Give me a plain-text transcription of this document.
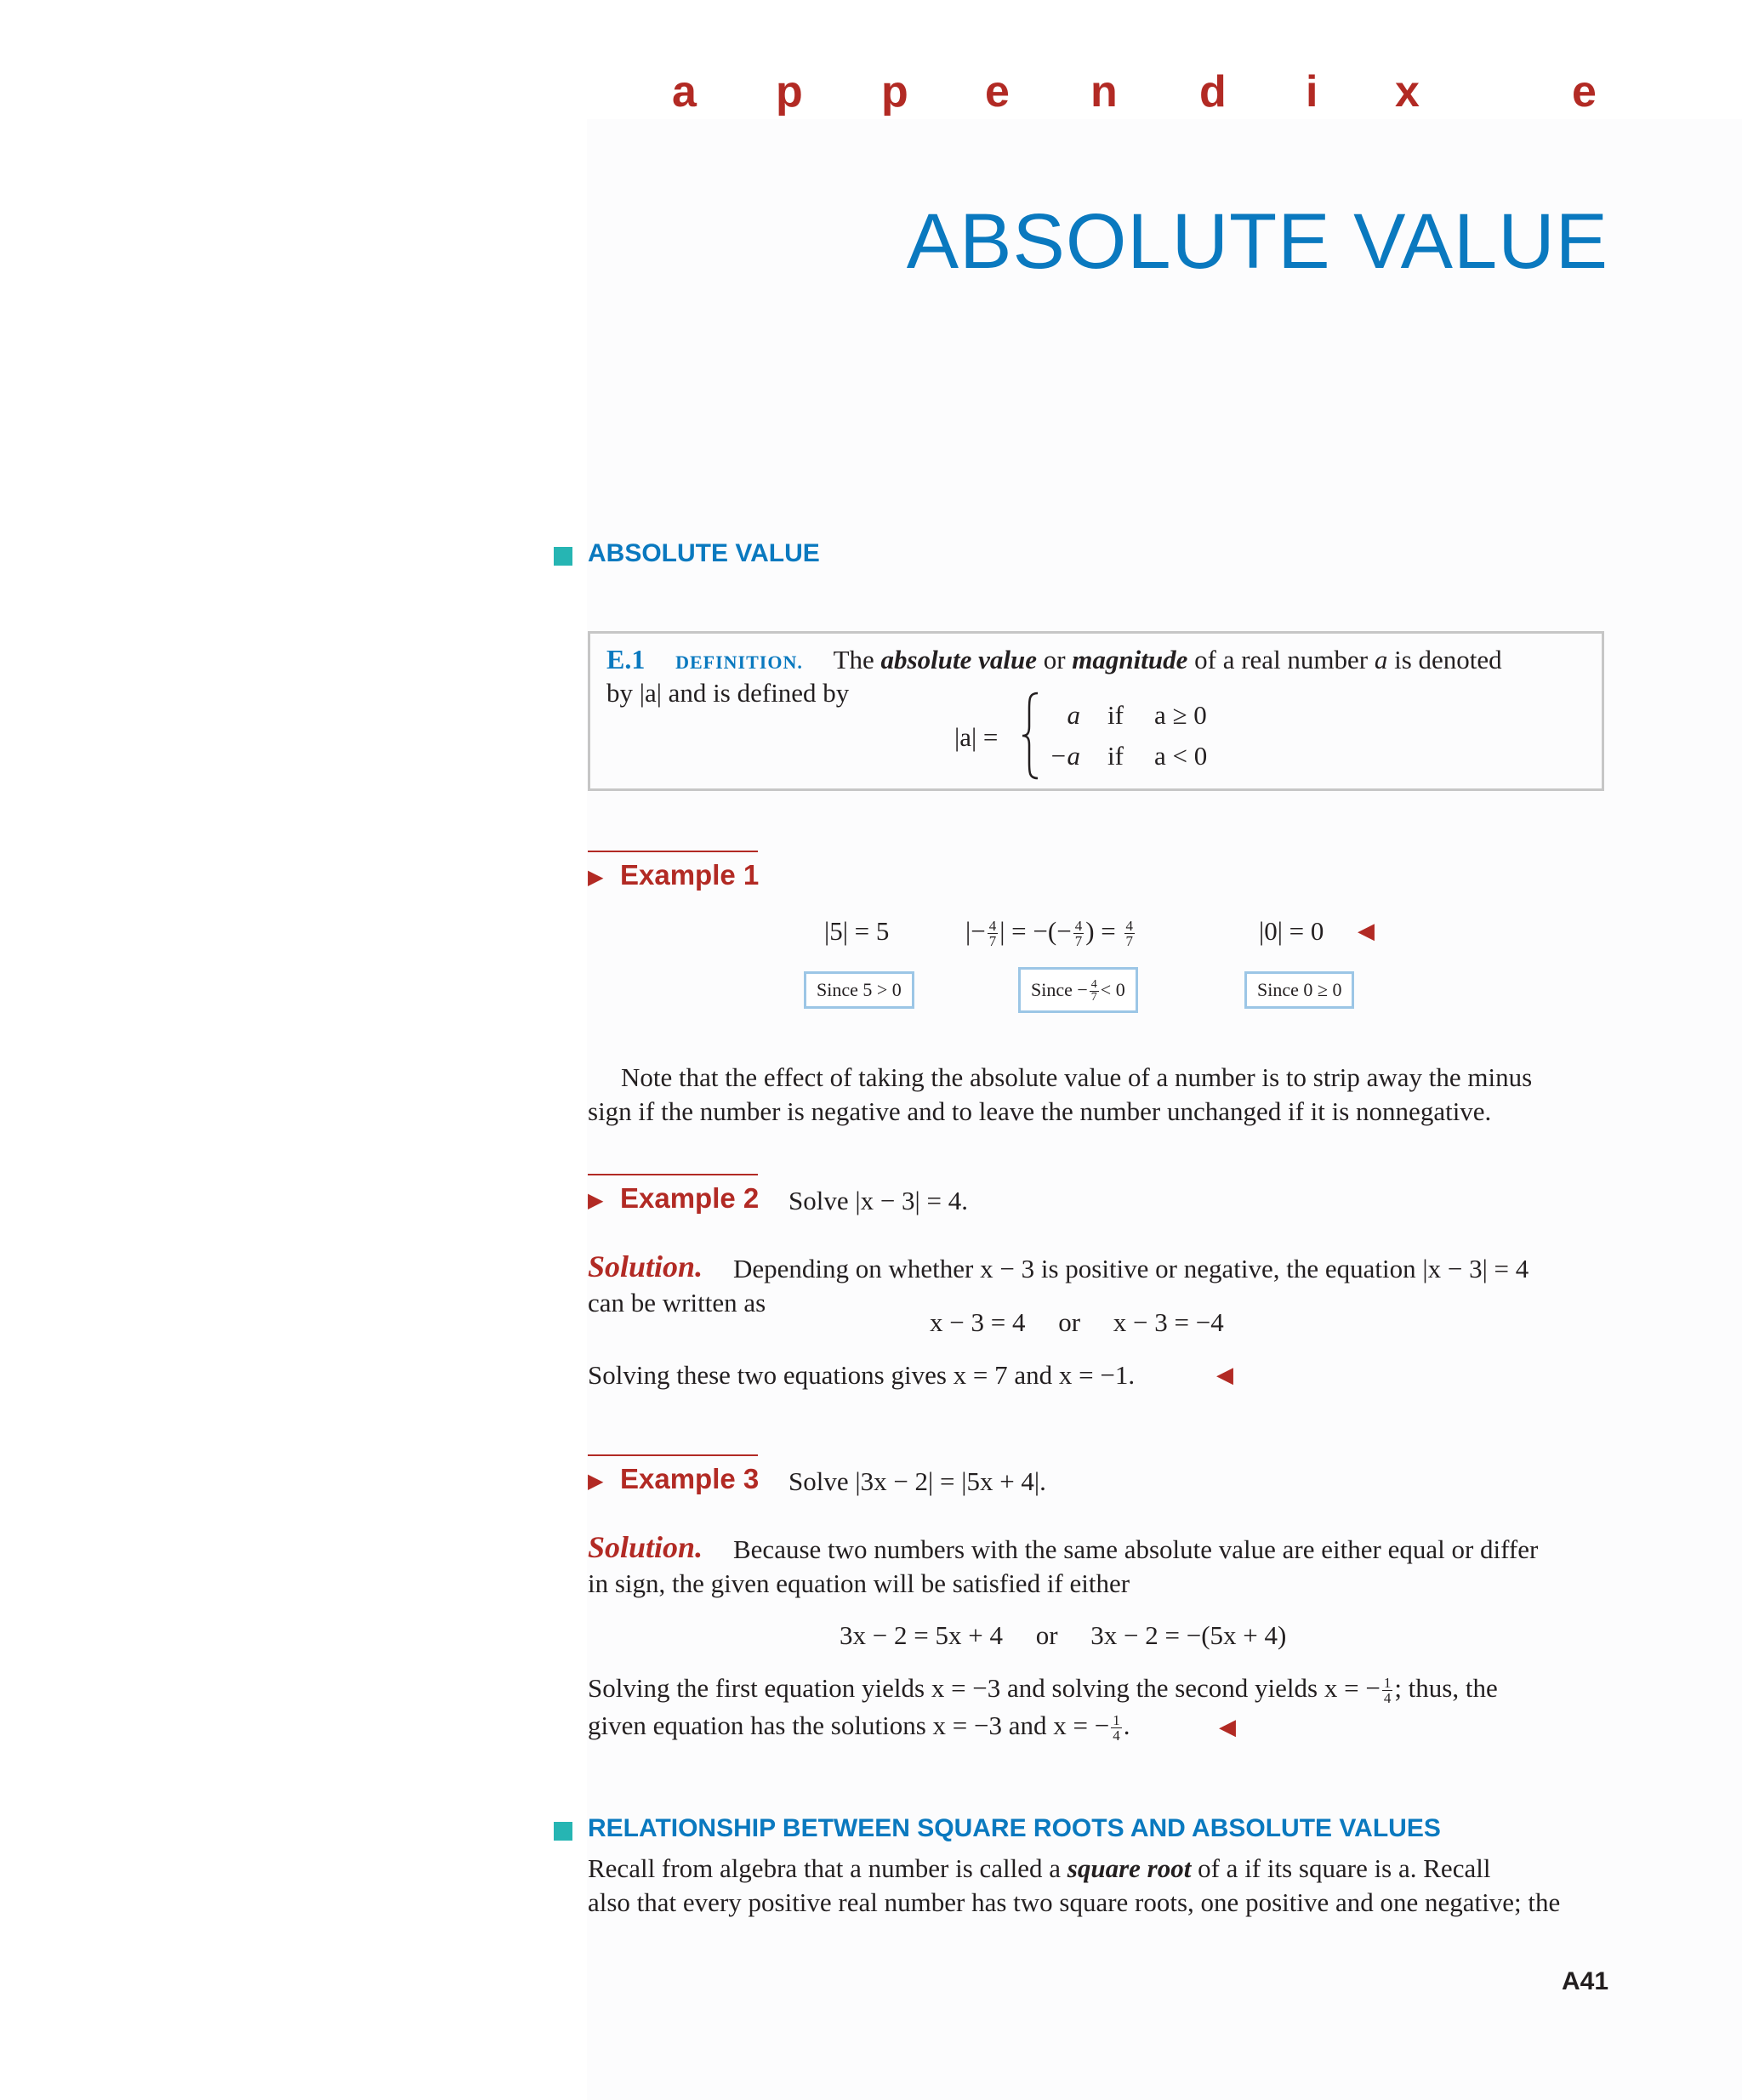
a p p e n d i x	e
ABSOLUTE VALUE
ABSOLUTE VALUE
E.1 DEFINITION. The absolute value or magnitude of a real number a is denoted
by |a| and is defined by
|a| =
a if a ≥ 0
−a if a < 0
▶ Example 1
|5| = 5	|− $\frac{4}{7}$ | = −(− $\frac{4}{7}$ ) = $\frac{4}{7}$	|0| = 0 ◀
Since 5 > 0	Since − $\frac{4}{7} < 0$	Since 0 ≥ 0
Note that the effect of taking the absolute value of a number is to strip away the minus
sign if the number is negative and to leave the number unchanged if it is nonnegative.
▶ Example 2 Solve |x − 3| = 4.
Solution. Depending on whether x − 3 is positive or negative, the equation |x − 3| = 4
can be written as
x − 3 = 4     or     x − 3 = −4
Solving these two equations gives x = 7 and x = −1.	◀
▶ Example 3 Solve |3x − 2| = |5x + 4|.
Solution. Because two numbers with the same absolute value are either equal or differ
in sign, the given equation will be satisfied if either
3x − 2 = 5x + 4     or     3x − 2 = −(5x + 4)
Solving the first equation yields x = −3 and solving the second yields x = − $\frac{1}{4}$ ; thus, the
given equation has the solutions x = −3 and x = − $\frac{1}{4}$ .	◀
RELATIONSHIP BETWEEN SQUARE ROOTS AND ABSOLUTE VALUES
Recall from algebra that a number is called a square root of a if its square is a. Recall
also that every positive real number has two square roots, one positive and one negative; the
A41
